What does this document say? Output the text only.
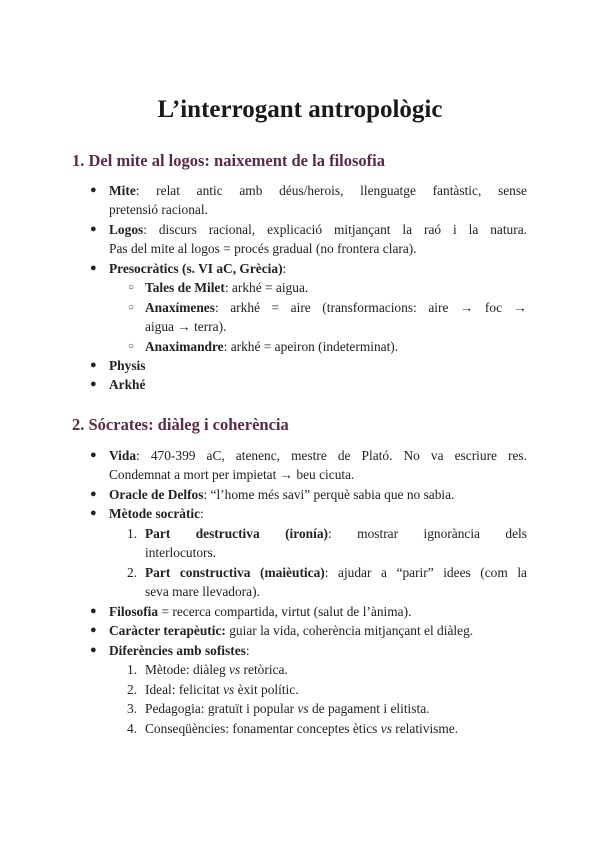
L’interrogant antropològic
1. Del mite al logos: naixement de la filosofia
● Mite: relat antic amb déus/herois, llenguatge fantàstic, sense
pretensió racional.
● Logos: discurs racional, explicació mitjançant la raó i la natura.
Pas del mite al logos = procés gradual (no frontera clara).
● Presocràtics (s. VI aC, Grècia):
○ Tales de Milet: arkhé = aigua.
○ Anaxímenes: arkhé = aire (transformacions: aire → foc →
aigua → terra).
○ Anaximandre: arkhé = apeiron (indeterminat).
● Physis
● Arkhé
2. Sócrates: diàleg i coherència
● Vida: 470-399 aC, atenenc, mestre de Plató. No va escriure res.
Condemnat a mort per impietat → beu cicuta.
● Oracle de Delfos: “l’home més savi” perquè sabia que no sabia.
● Mètode socràtic:
1. Part destructiva (ironía): mostrar ignorància dels
interlocutors.
2. Part constructiva (maièutica): ajudar a “parir” idees (com la
seva mare llevadora).
● Filosofia = recerca compartida, virtut (salut de l’ànima).
● Caràcter terapèutic: guiar la vida, coherència mitjançant el diàleg.
● Diferències amb sofistes:
1. Mètode: diàleg vs retòrica.
2. Ideal: felicitat vs èxit polític.
3. Pedagogia: gratuït i popular vs de pagament i elitista.
4. Conseqüències: fonamentar conceptes ètics vs relativisme.
